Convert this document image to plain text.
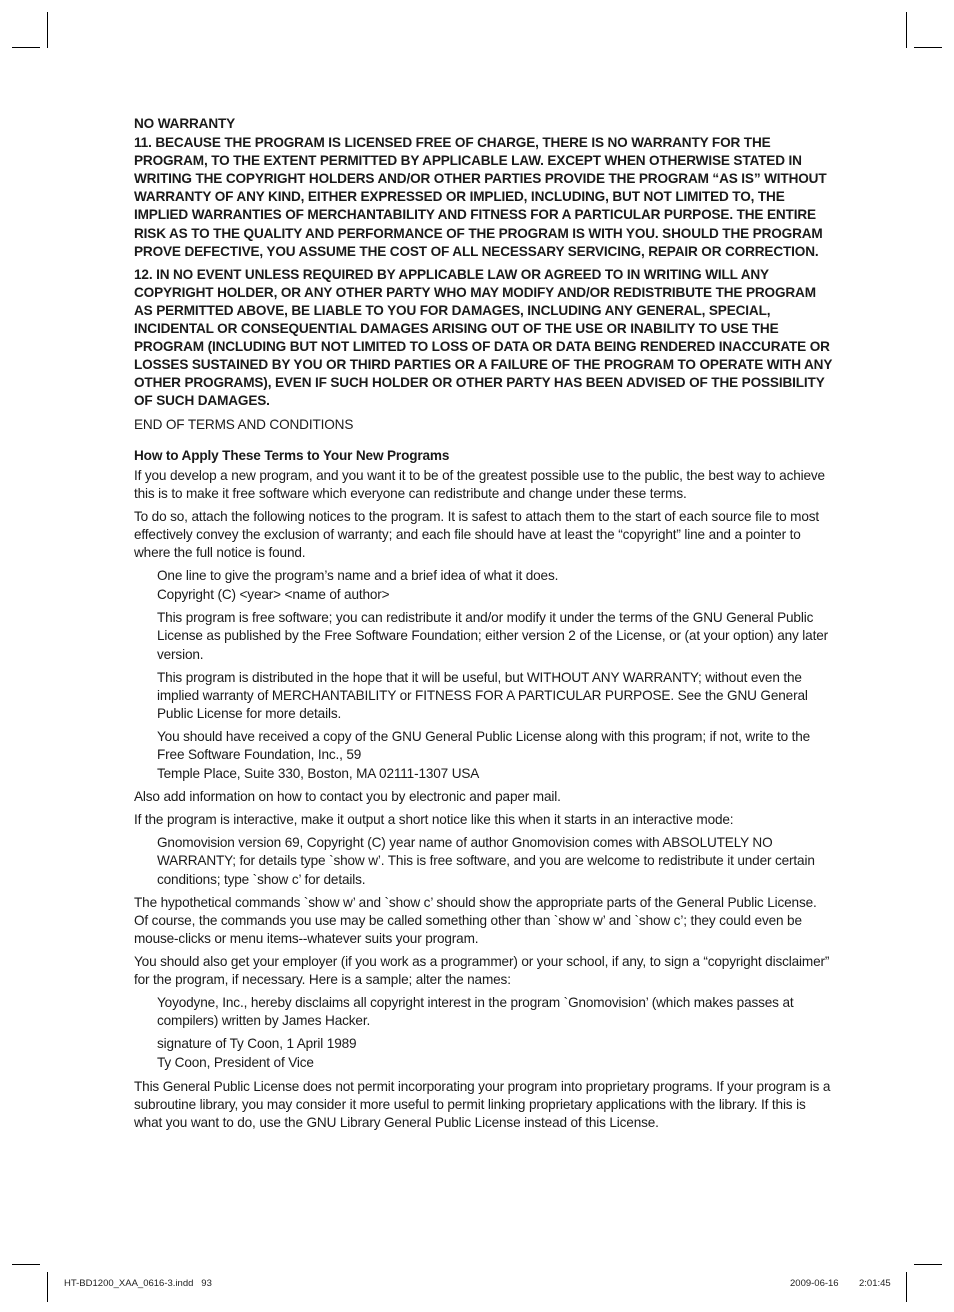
NO WARRANTY

11. BECAUSE THE PROGRAM IS LICENSED FREE OF CHARGE, THERE IS NO WARRANTY FOR THE PROGRAM, TO THE EXTENT PERMITTED BY APPLICABLE LAW. EXCEPT WHEN OTHERWISE STATED IN WRITING THE COPYRIGHT HOLDERS AND/OR OTHER PARTIES PROVIDE THE PROGRAM “AS IS” WITHOUT WARRANTY OF ANY KIND, EITHER EXPRESSED OR IMPLIED, INCLUDING, BUT NOT LIMITED TO, THE IMPLIED WARRANTIES OF MERCHANTABILITY AND FITNESS FOR A PARTICULAR PURPOSE. THE ENTIRE RISK AS TO THE QUALITY AND PERFORMANCE OF THE PROGRAM IS WITH YOU. SHOULD THE PROGRAM PROVE DEFECTIVE, YOU ASSUME THE COST OF ALL NECESSARY SERVICING, REPAIR OR CORRECTION.

12. IN NO EVENT UNLESS REQUIRED BY APPLICABLE LAW OR AGREED TO IN WRITING WILL ANY COPYRIGHT HOLDER, OR ANY OTHER PARTY WHO MAY MODIFY AND/OR REDISTRIBUTE THE PROGRAM AS PERMITTED ABOVE, BE LIABLE TO YOU FOR DAMAGES, INCLUDING ANY GENERAL, SPECIAL, INCIDENTAL OR CONSEQUENTIAL DAMAGES ARISING OUT OF THE USE OR INABILITY TO USE THE PROGRAM (INCLUDING BUT NOT LIMITED TO LOSS OF DATA OR DATA BEING RENDERED INACCURATE OR LOSSES SUSTAINED BY YOU OR THIRD PARTIES OR A FAILURE OF THE PROGRAM TO OPERATE WITH ANY OTHER PROGRAMS), EVEN IF SUCH HOLDER OR OTHER PARTY HAS BEEN ADVISED OF THE POSSIBILITY OF SUCH DAMAGES.

END OF TERMS AND CONDITIONS

How to Apply These Terms to Your New Programs

If you develop a new program, and you want it to be of the greatest possible use to the public, the best way to achieve this is to make it free software which everyone can redistribute and change under these terms.

To do so, attach the following notices to the program. It is safest to attach them to the start of each source file to most effectively convey the exclusion of warranty; and each file should have at least the “copyright” line and a pointer to where the full notice is found.

One line to give the program’s name and a brief idea of what it does.

Copyright (C) <year> <name of author>

This program is free software; you can redistribute it and/or modify it under the terms of the GNU General Public License as published by the Free Software Foundation; either version 2 of the License, or (at your option) any later version.

This program is distributed in the hope that it will be useful, but WITHOUT ANY WARRANTY; without even the implied warranty of MERCHANTABILITY or FITNESS FOR A PARTICULAR PURPOSE. See the GNU General Public License for more details.

You should have received a copy of the GNU General Public License along with this program; if not, write to the Free Software Foundation, Inc., 59

Temple Place, Suite 330, Boston, MA 02111-1307 USA

Also add information on how to contact you by electronic and paper mail.

If the program is interactive, make it output a short notice like this when it starts in an interactive mode:

Gnomovision version 69, Copyright (C) year name of author Gnomovision comes with ABSOLUTELY NO WARRANTY; for details type `show w’. This is free software, and you are welcome to redistribute it under certain conditions; type `show c’ for details.

The hypothetical commands `show w’ and `show c’ should show the appropriate parts of the General Public License. Of course, the commands you use may be called something other than `show w’ and `show c’; they could even be mouse-clicks or menu items--whatever suits your program.

You should also get your employer (if you work as a programmer) or your school, if any, to sign a “copyright disclaimer” for the program, if necessary. Here is a sample; alter the names:

Yoyodyne, Inc., hereby disclaims all copyright interest in the program `Gnomovision’ (which makes passes at compilers) written by James Hacker.

signature of Ty Coon, 1 April 1989

Ty Coon, President of Vice

This General Public License does not permit incorporating your program into proprietary programs. If your program is a subroutine library, you may consider it more useful to permit linking proprietary applications with the library. If this is what you want to do, use the GNU Library General Public License instead of this License.

HT-BD1200_XAA_0616-3.indd   93	2009-06-16 2:01:45
